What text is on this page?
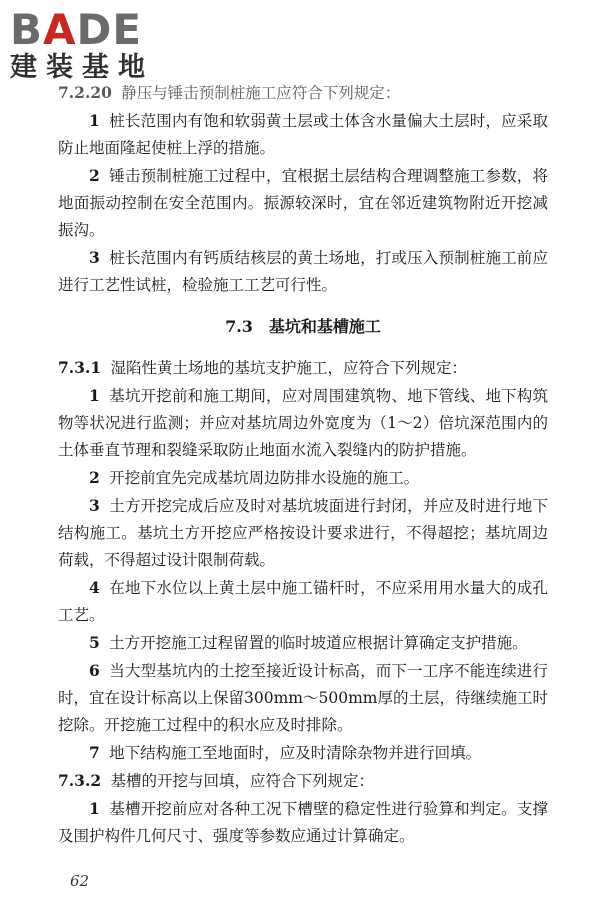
BADE
建装基地

7.2.20 静压与锤击预制桩施工应符合下列规定：

1 桩长范围内有饱和软弱黄土层或土体含水量偏大土层时，应采取防止地面隆起使桩上浮的措施。

2 锤击预制桩施工过程中，宜根据土层结构合理调整施工参数，将地面振动控制在安全范围内。振源较深时，宜在邻近建筑物附近开挖减振沟。

3 桩长范围内有钙质结核层的黄土场地，打或压入预制桩施工前应进行工艺性试桩，检验施工工艺可行性。

7.3 基坑和基槽施工

7.3.1 湿陷性黄土场地的基坑支护施工，应符合下列规定：

1 基坑开挖前和施工期间，应对周围建筑物、地下管线、地下构筑物等状况进行监测；并应对基坑周边外宽度为（1～2）倍坑深范围内的土体垂直节理和裂缝采取防止地面水流入裂缝内的防护措施。

2 开挖前宜先完成基坑周边防排水设施的施工。

3 土方开挖完成后应及时对基坑坡面进行封闭，并应及时进行地下结构施工。基坑土方开挖应严格按设计要求进行，不得超挖；基坑周边荷载，不得超过设计限制荷载。

4 在地下水位以上黄土层中施工锚杆时，不应采用用水量大的成孔工艺。

5 土方开挖施工过程留置的临时坡道应根据计算确定支护措施。

6 当大型基坑内的土挖至接近设计标高，而下一工序不能连续进行时，宜在设计标高以上保留300mm～500mm厚的土层，待继续施工时挖除。开挖施工过程中的积水应及时排除。

7 地下结构施工至地面时，应及时清除杂物并进行回填。

7.3.2 基槽的开挖与回填，应符合下列规定：

1 基槽开挖前应对各种工况下槽壁的稳定性进行验算和判定。支撑及围护构件几何尺寸、强度等参数应通过计算确定。

62
